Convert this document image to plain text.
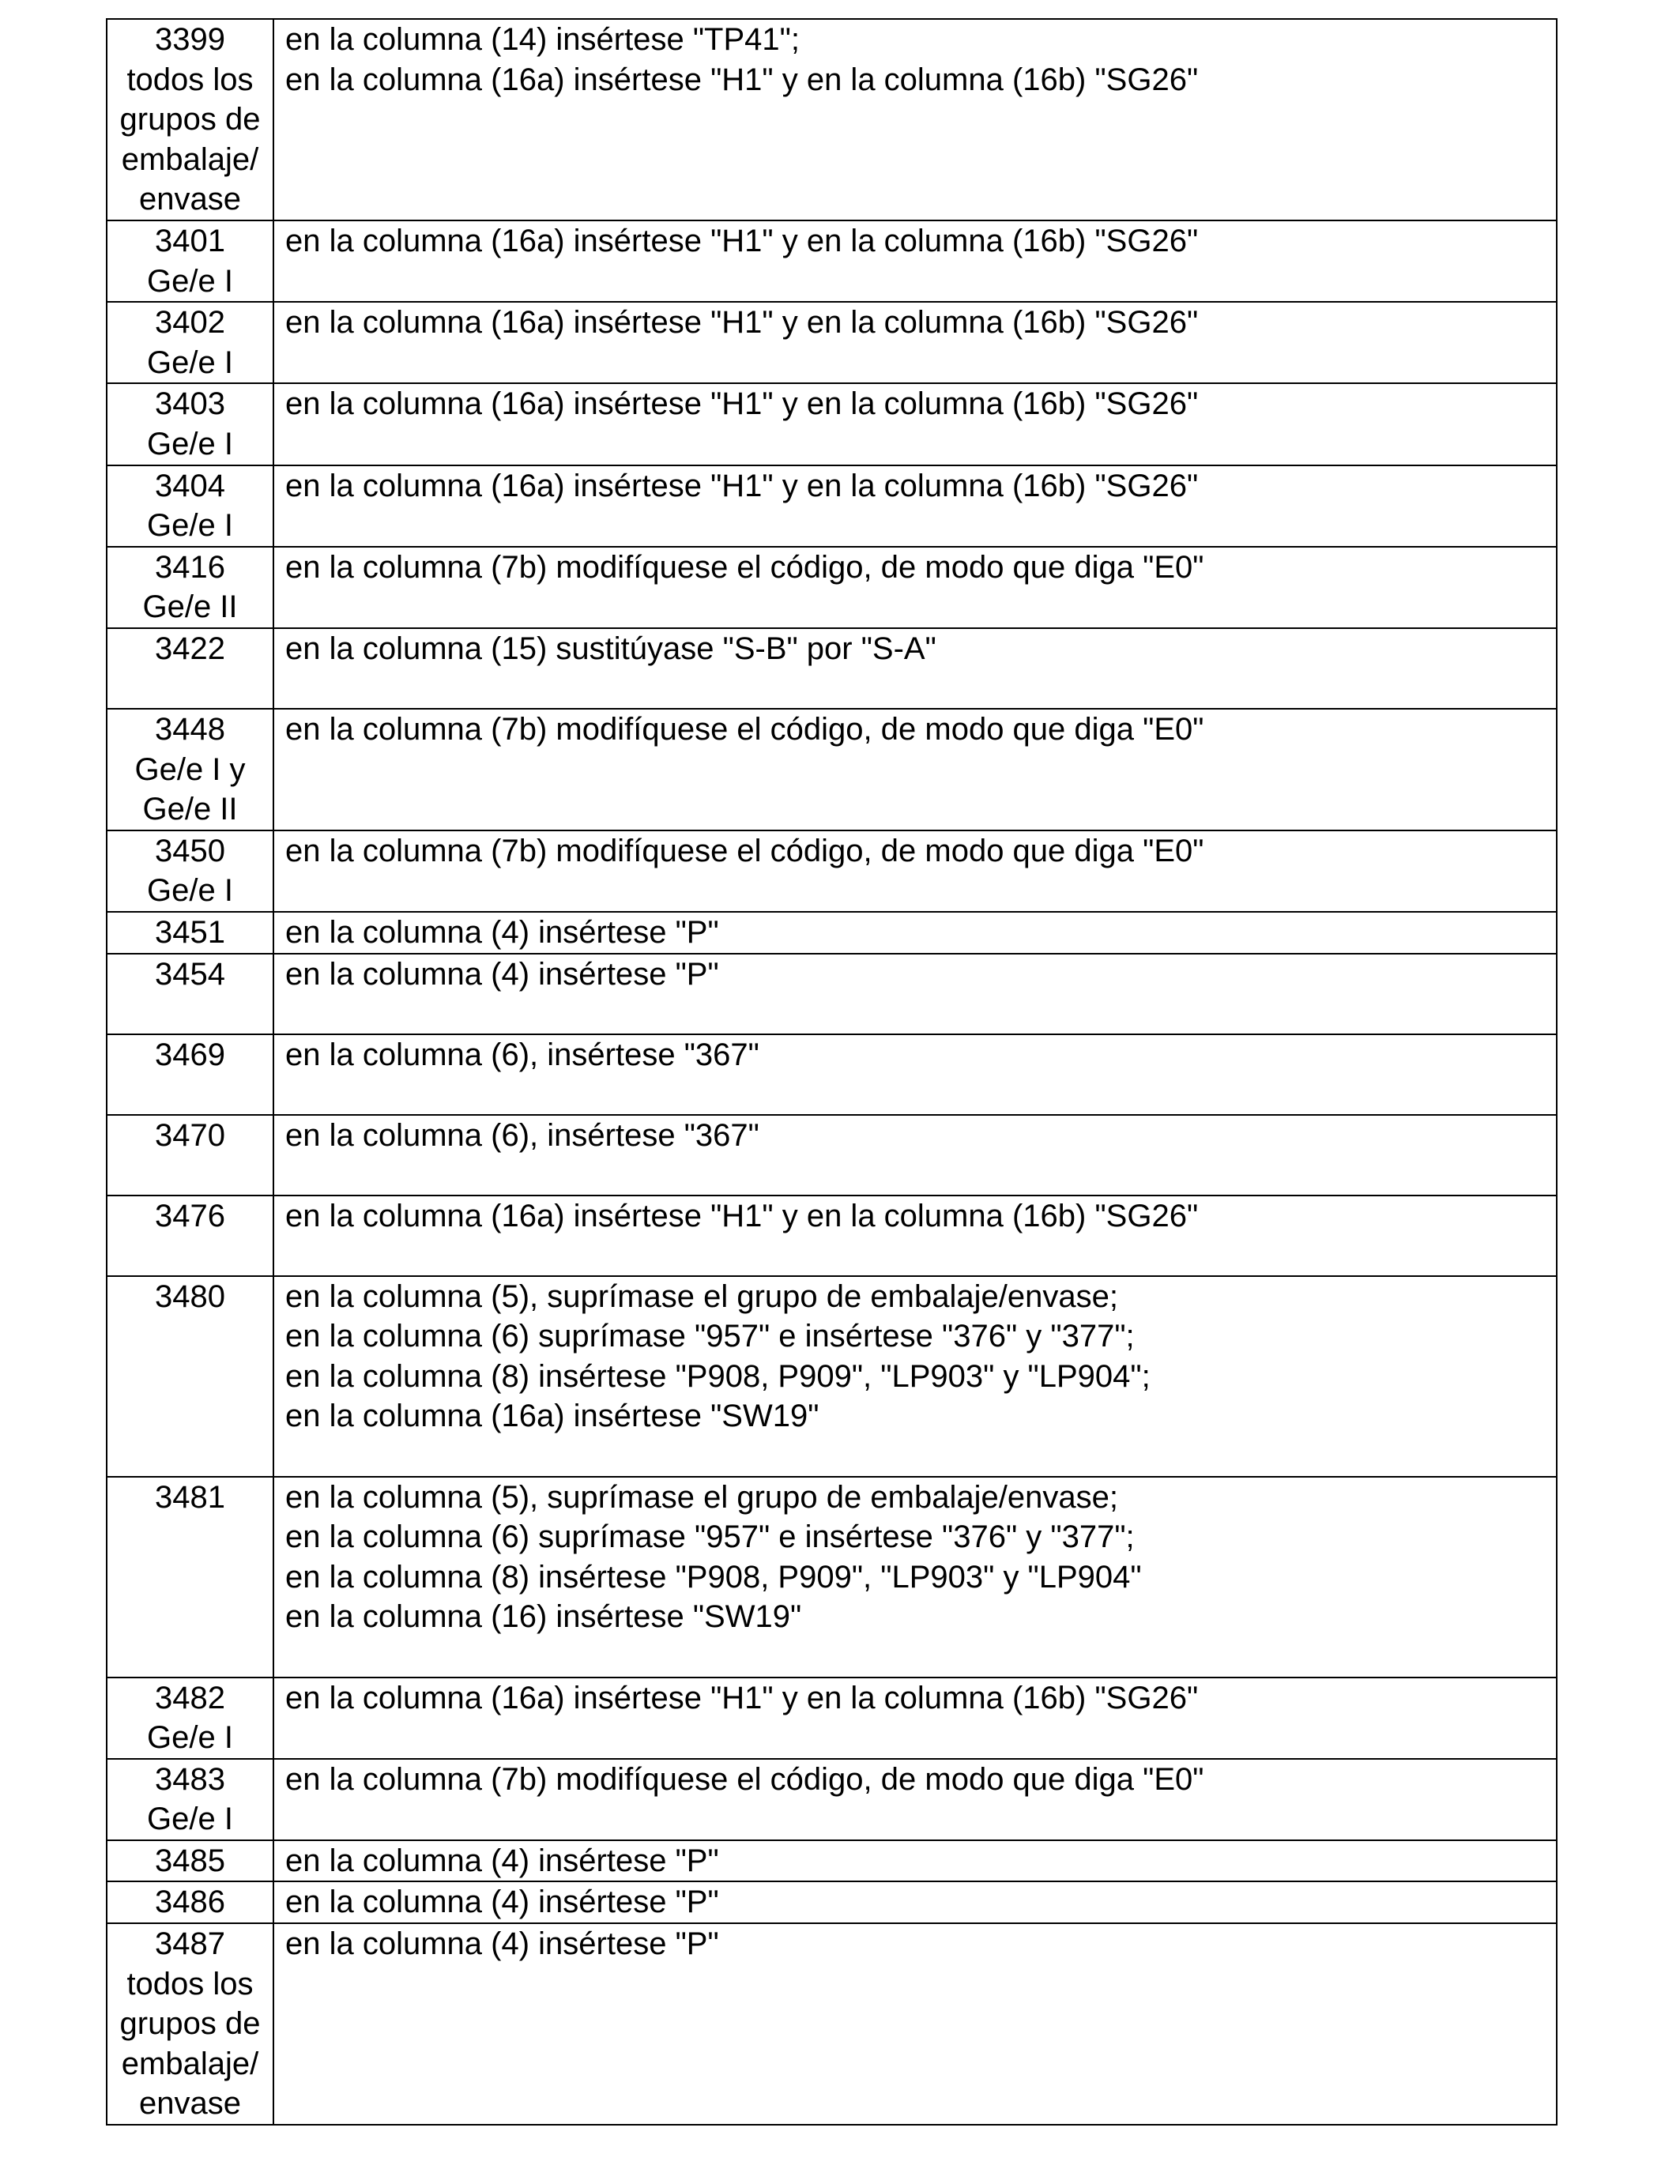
3399
todos los
grupos de
embalaje/
envase	en la columna (14) insértese "TP41";
en la columna (16a) insértese "H1" y en la columna (16b) "SG26"

3401
Ge/e I	en la columna (16a) insértese "H1" y en la columna (16b) "SG26"

3402
Ge/e I	en la columna (16a) insértese "H1" y en la columna (16b) "SG26"

3403
Ge/e I	en la columna (16a) insértese "H1" y en la columna (16b) "SG26"

3404
Ge/e I	en la columna (16a) insértese "H1" y en la columna (16b) "SG26"

3416
Ge/e II	en la columna (7b) modifíquese el código, de modo que diga "E0"

3422	en la columna (15) sustitúyase "S-B" por "S-A"

3448
Ge/e I y
Ge/e II	en la columna (7b) modifíquese el código, de modo que diga "E0"

3450
Ge/e I	en la columna (7b) modifíquese el código, de modo que diga "E0"

3451	en la columna (4) insértese "P"

3454	en la columna (4) insértese "P"

3469	en la columna (6), insértese "367"

3470	en la columna (6), insértese "367"

3476	en la columna (16a) insértese "H1" y en la columna (16b) "SG26"

3480	en la columna (5), suprímase el grupo de embalaje/envase;
en la columna (6) suprímase "957" e insértese "376" y "377";
en la columna (8) insértese "P908, P909", "LP903" y "LP904";
en la columna (16a) insértese "SW19"

3481	en la columna (5), suprímase el grupo de embalaje/envase;
en la columna (6) suprímase "957" e insértese "376" y "377";
en la columna (8) insértese "P908, P909", "LP903" y "LP904"
en la columna (16) insértese "SW19"

3482
Ge/e I	en la columna (16a) insértese "H1" y en la columna (16b) "SG26"

3483
Ge/e I	en la columna (7b) modifíquese el código, de modo que diga "E0"

3485	en la columna (4) insértese "P"

3486	en la columna (4) insértese "P"

3487
todos los
grupos de
embalaje/
envase	en la columna (4) insértese "P"
